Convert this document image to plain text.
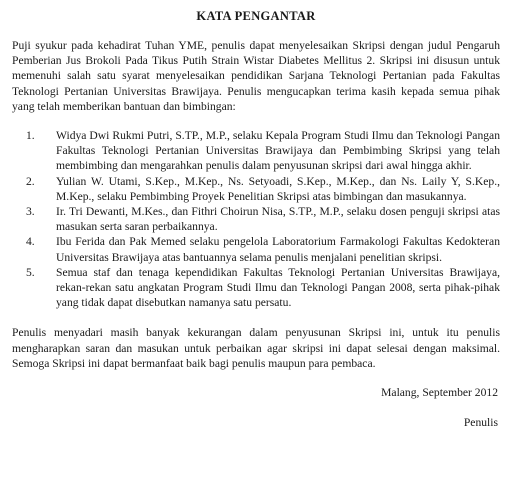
KATA PENGANTAR

Puji syukur pada kehadirat Tuhan YME, penulis dapat menyelesaikan Skripsi dengan judul Pengaruh Pemberian Jus Brokoli Pada Tikus Putih Strain Wistar Diabetes Mellitus 2. Skripsi ini disusun untuk memenuhi salah satu syarat menyelesaikan pendidikan Sarjana Teknologi Pertanian pada Fakultas Teknologi Pertanian Universitas Brawijaya. Penulis mengucapkan terima kasih kepada semua pihak yang telah memberikan bantuan dan bimbingan:

1. Widya Dwi Rukmi Putri, S.TP., M.P., selaku Kepala Program Studi Ilmu dan Teknologi Pangan Fakultas Teknologi Pertanian Universitas Brawijaya dan Pembimbing Skripsi yang telah membimbing dan mengarahkan penulis dalam penyusunan skripsi dari awal hingga akhir.
2. Yulian W. Utami, S.Kep., M.Kep., Ns. Setyoadi, S.Kep., M.Kep., dan Ns. Laily Y, S.Kep., M.Kep., selaku Pembimbing Proyek Penelitian Skripsi atas bimbingan dan masukannya.
3. Ir. Tri Dewanti, M.Kes., dan Fithri Choirun Nisa, S.TP., M.P., selaku dosen penguji skripsi atas masukan serta saran perbaikannya.
4. Ibu Ferida dan Pak Memed selaku pengelola Laboratorium Farmakologi Fakultas Kedokteran Universitas Brawijaya atas bantuannya selama penulis menjalani penelitian skripsi.
5. Semua staf dan tenaga kependidikan Fakultas Teknologi Pertanian Universitas Brawijaya, rekan-rekan satu angkatan Program Studi Ilmu dan Teknologi Pangan 2008, serta pihak-pihak yang tidak dapat disebutkan namanya satu persatu.

Penulis menyadari masih banyak kekurangan dalam penyusunan Skripsi ini, untuk itu penulis mengharapkan saran dan masukan untuk perbaikan agar skripsi ini dapat selesai dengan maksimal. Semoga Skripsi ini dapat bermanfaat baik bagi penulis maupun para pembaca.

Malang, September 2012
Penulis
